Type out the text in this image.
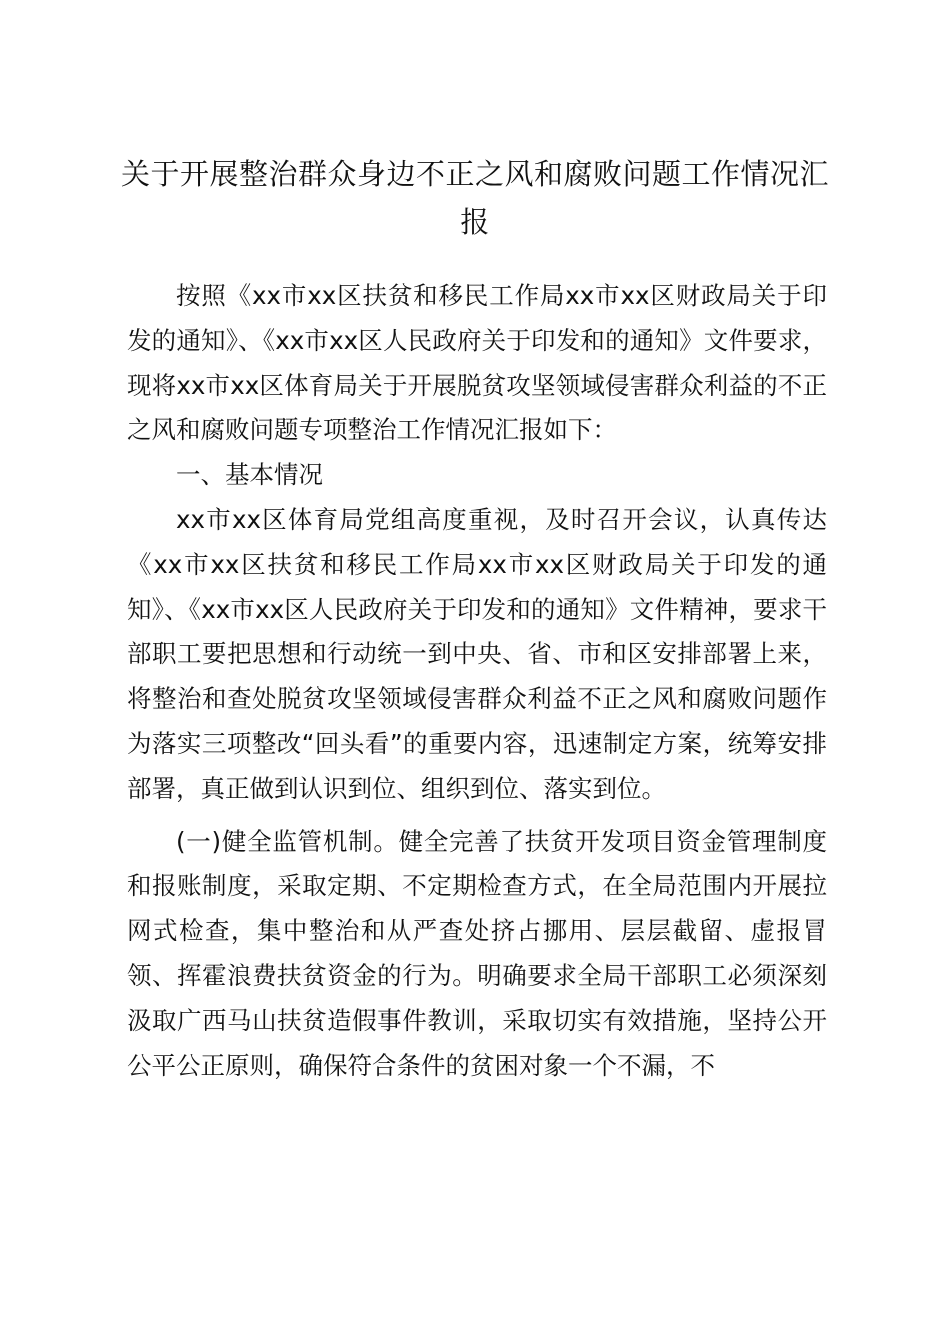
关于开展整治群众身边不正之风和腐败问题工作情况汇报

按照《xx市xx区扶贫和移民工作局xx市xx区财政局关于印发的通知》、《xx市xx区人民政府关于印发和的通知》文件要求，现将xx市xx区体育局关于开展脱贫攻坚领域侵害群众利益的不正之风和腐败问题专项整治工作情况汇报如下：

一、基本情况

xx市xx区体育局党组高度重视，及时召开会议，认真传达《xx市xx区扶贫和移民工作局xx市xx区财政局关于印发的通知》、《xx市xx区人民政府关于印发和的通知》文件精神，要求干部职工要把思想和行动统一到中央、省、市和区安排部署上来，将整治和查处脱贫攻坚领域侵害群众利益不正之风和腐败问题作为落实三项整改“回头看”的重要内容，迅速制定方案，统筹安排部署，真正做到认识到位、组织到位、落实到位。

(一)健全监管机制。健全完善了扶贫开发项目资金管理制度和报账制度，采取定期、不定期检查方式，在全局范围内开展拉网式检查，集中整治和从严查处挤占挪用、层层截留、虚报冒领、挥霍浪费扶贫资金的行为。明确要求全局干部职工必须深刻汲取广西马山扶贫造假事件教训，采取切实有效措施，坚持公开公平公正原则，确保符合条件的贫困对象一个不漏，不
